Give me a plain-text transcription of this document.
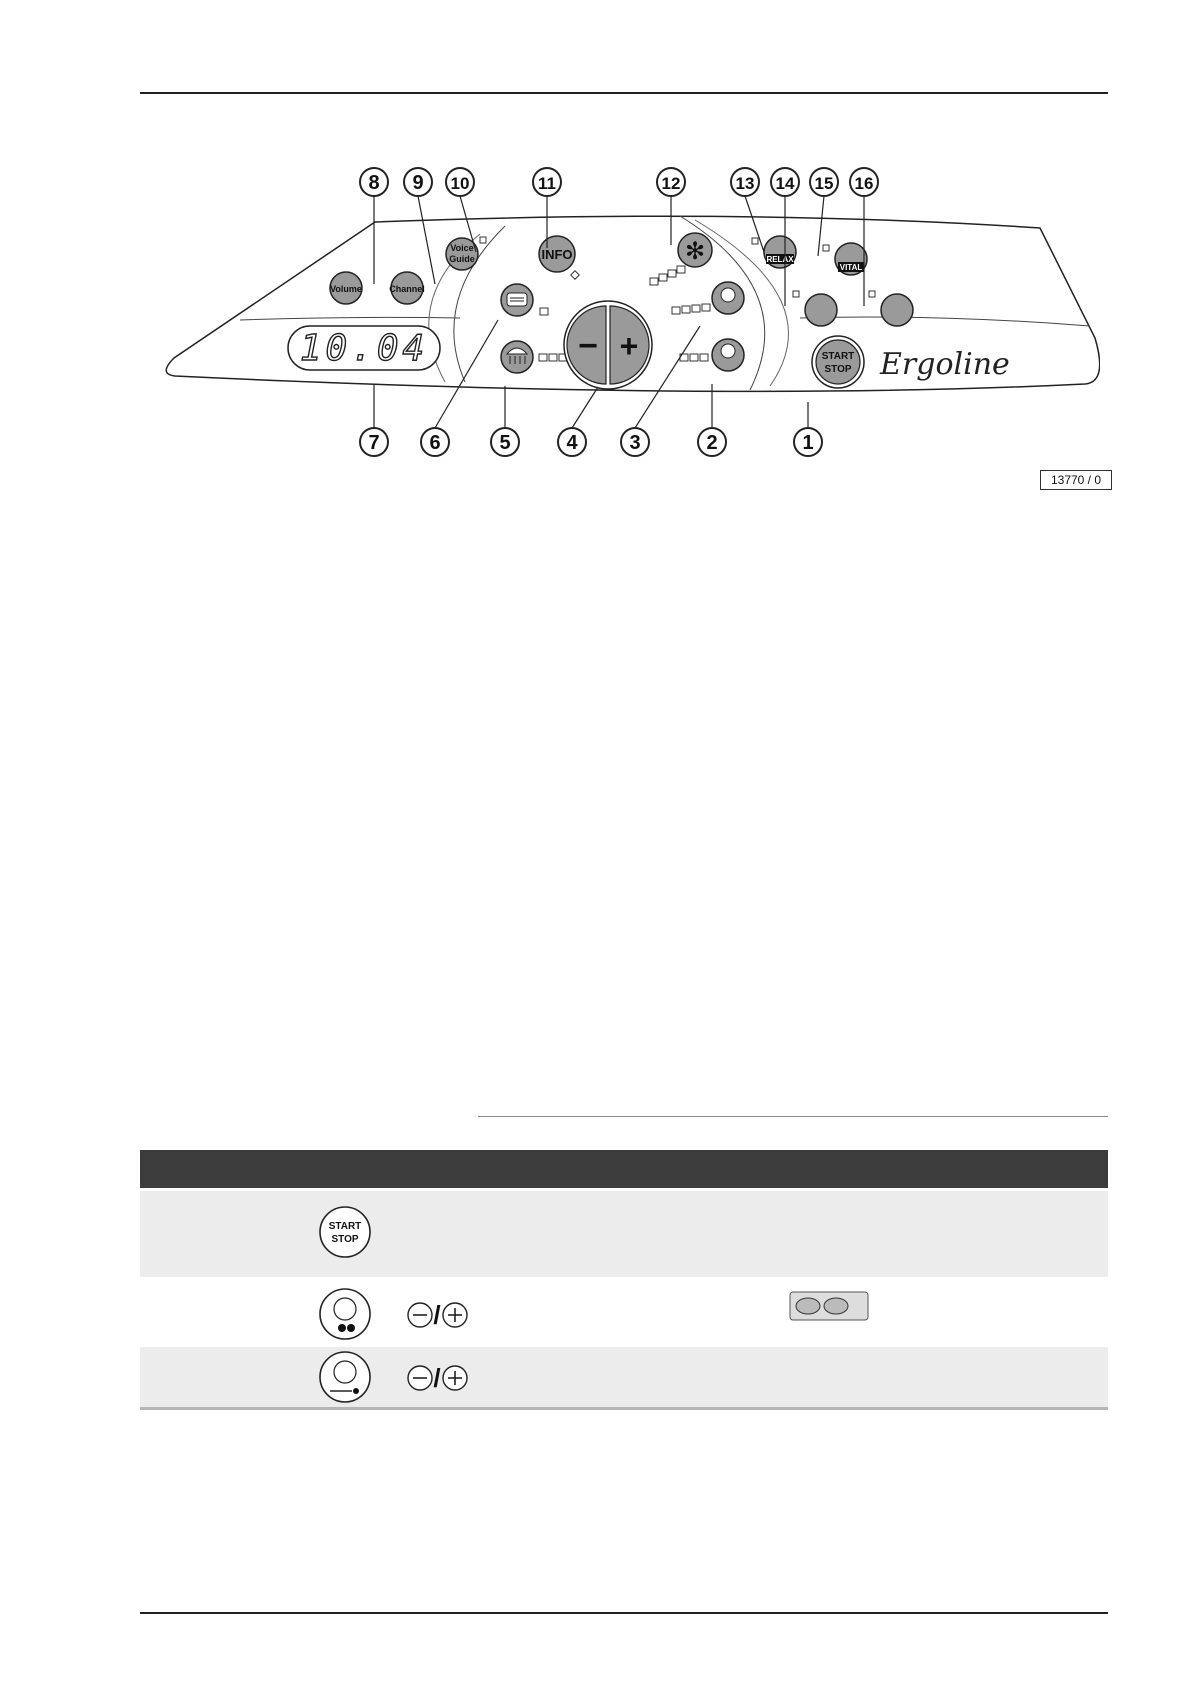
10.04
Volume	Channel
Voice
Guide	INFO
− +
✻	RELAX
VITAL
START
STOP Ergoline
1
2
3
4
5
6
7
8 9 10	11	12	13 14 15 16
13770 / 0
START
STOP
/
/
